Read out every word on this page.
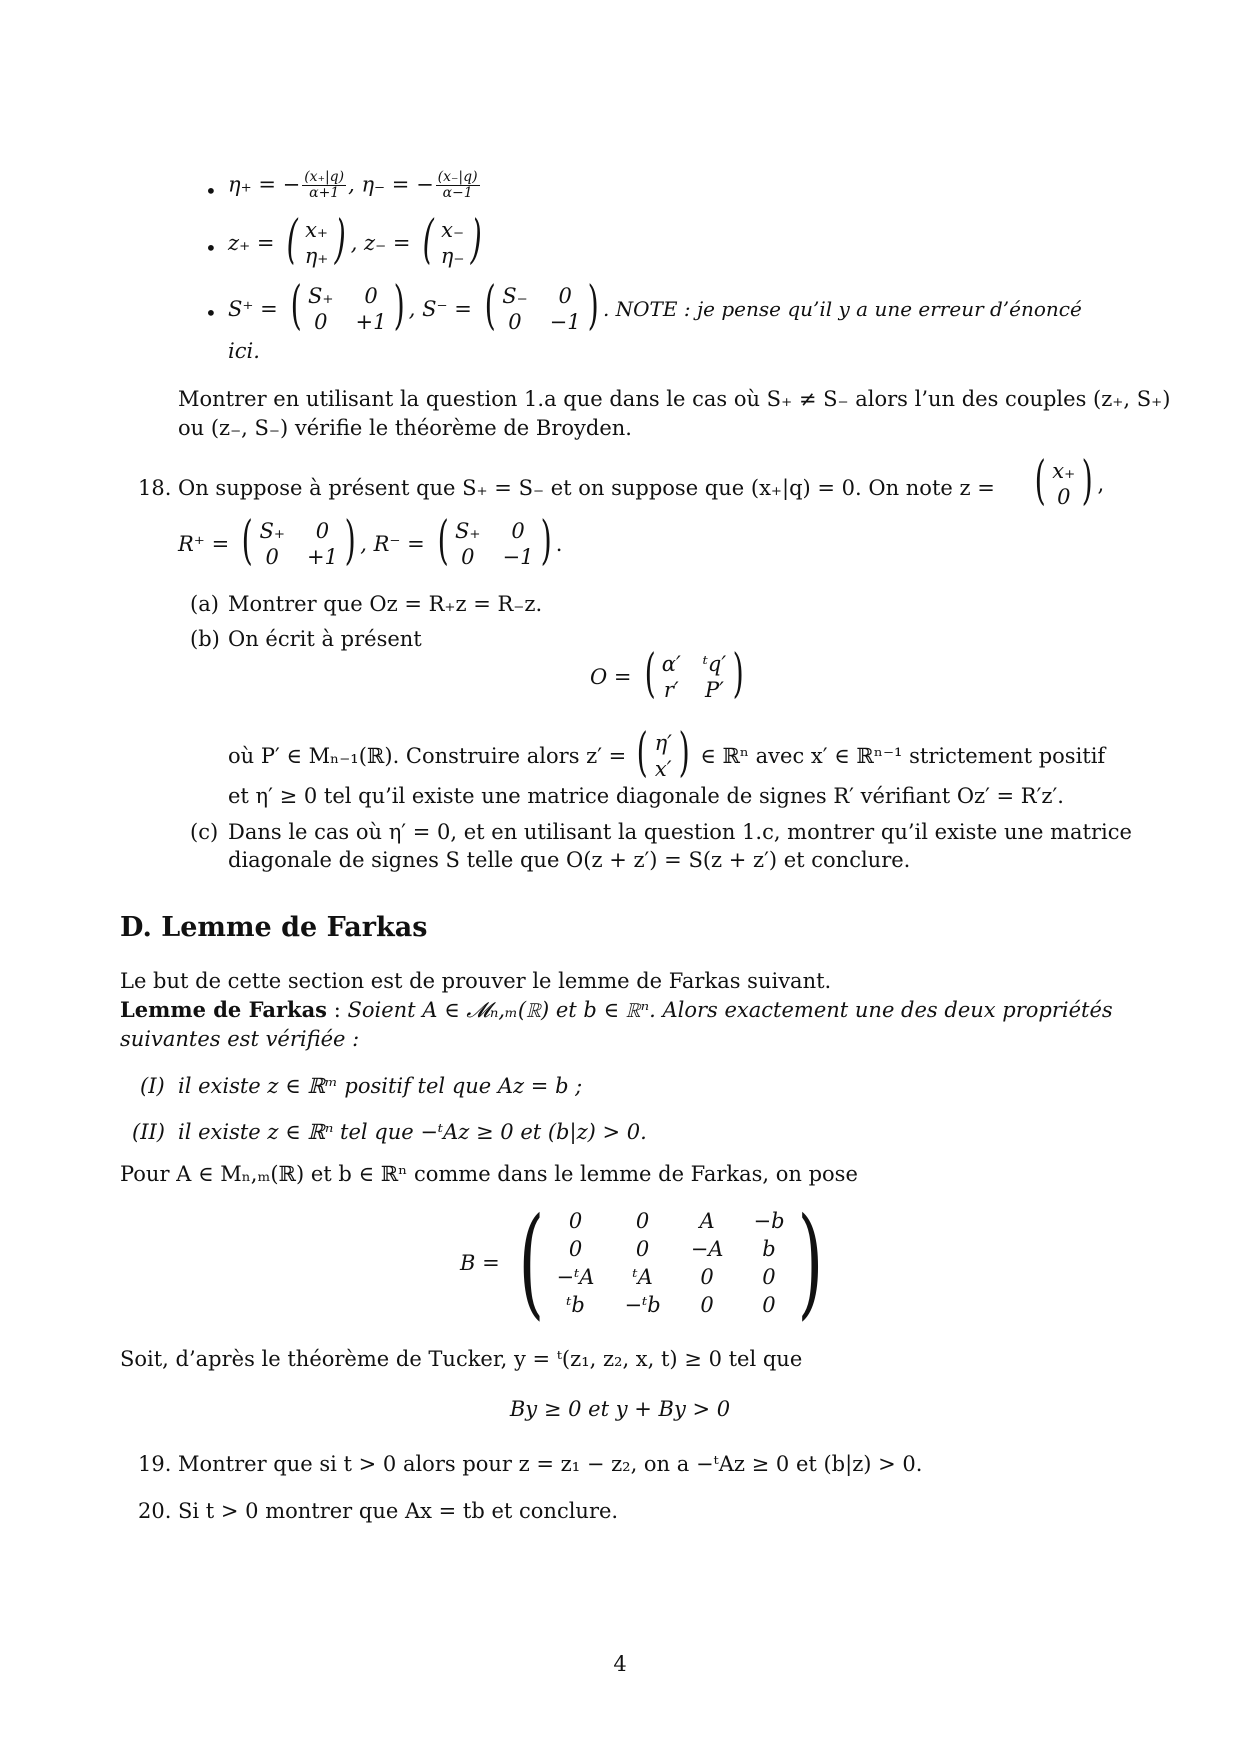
• η₊ = − $\frac{(x_+|q)}{\alpha+1}$ , η₋ = − $\frac{(x_-|q)}{\alpha-1}$
• z₊ = ( x₊
η₊ ) , z₋ = ( x₋
η₋ )
• S⁺ = ( S₊ 0
0 +1 ) , S⁻ = ( S₋ 0
0 −1 ) . NOTE : je pense qu’il y a une erreur d’énoncé
ici.
Montrer en utilisant la question 1.a que dans le cas où S₊ ≠ S₋ alors l’un des couples (z₊, S₊)
ou (z₋, S₋) vérifie le théorème de Broyden.
18. On suppose à présent que S₊ = S₋ et on suppose que (x₊|q) = 0. On note z = ( x₊
0 ) ,
R⁺ = ( S₊ 0
0 +1 ) , R⁻ = ( S₊ 0
0 −1 ) .
(a) Montrer que Oz = R₊z = R₋z.
(b) On écrit à présent
O = ( α′ ᵗq′
r′ P′ )
où P′ ∈ Mₙ₋₁(ℝ). Construire alors z′ = ( η′
x′ ) ∈ ℝⁿ avec x′ ∈ ℝⁿ⁻¹ strictement positif
et η′ ≥ 0 tel qu’il existe une matrice diagonale de signes R′ vérifiant Oz′ = R′z′.
(c) Dans le cas où η′ = 0, et en utilisant la question 1.c, montrer qu’il existe une matrice
diagonale de signes S telle que O(z + z′) = S(z + z′) et conclure.
D. Lemme de Farkas
Le but de cette section est de prouver le lemme de Farkas suivant.
Lemme de Farkas : Soient A ∈ 𝓜ₙ,ₘ(ℝ) et b ∈ ℝⁿ. Alors exactement une des deux propriétés
suivantes est vérifiée :
(I) il existe z ∈ ℝᵐ positif tel que Az = b ;
(II) il existe z ∈ ℝⁿ tel que −ᵗAz ≥ 0 et (b|z) > 0.
Pour A ∈ Mₙ,ₘ(ℝ) et b ∈ ℝⁿ comme dans le lemme de Farkas, on pose
B = ( 0	0 A −b
0	0 −A b
−ᵗA ᵗA 0 0
ᵗb −ᵗb 0 0 )
Soit, d’après le théorème de Tucker, y = ᵗ(z₁, z₂, x, t) ≥ 0 tel que
By ≥ 0 et y + By > 0
19. Montrer que si t > 0 alors pour z = z₁ − z₂, on a −ᵗAz ≥ 0 et (b|z) > 0.
20. Si t > 0 montrer que Ax = tb et conclure.
4
